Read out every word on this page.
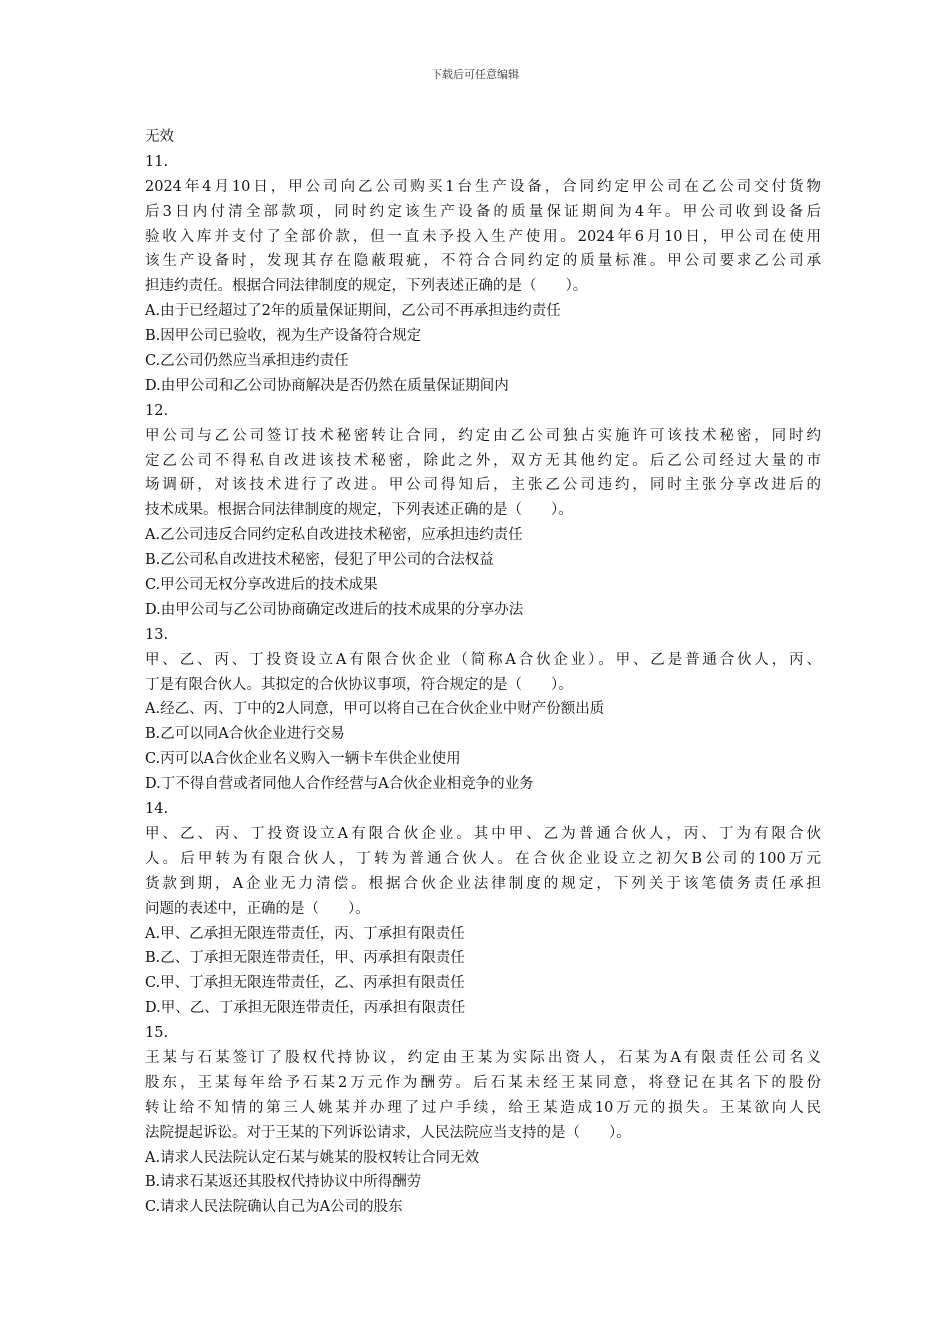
下载后可任意编辑
无效
11.
2024年4月10日，甲公司向乙公司购买1台生产设备，合同约定甲公司在乙公司交付货物
后3日内付清全部款项，同时约定该生产设备的质量保证期间为4年。甲公司收到设备后
验收入库并支付了全部价款，但一直未予投入生产使用。2024年6月10日，甲公司在使用
该生产设备时，发现其存在隐蔽瑕疵，不符合合同约定的质量标准。甲公司要求乙公司承
担违约责任。根据合同法律制度的规定，下列表述正确的是（　　）。
A.由于已经超过了2年的质量保证期间，乙公司不再承担违约责任
B.因甲公司已验收，视为生产设备符合规定
C.乙公司仍然应当承担违约责任
D.由甲公司和乙公司协商解决是否仍然在质量保证期间内
12.
甲公司与乙公司签订技术秘密转让合同，约定由乙公司独占实施许可该技术秘密，同时约
定乙公司不得私自改进该技术秘密，除此之外，双方无其他约定。后乙公司经过大量的市
场调研，对该技术进行了改进。甲公司得知后，主张乙公司违约，同时主张分享改进后的
技术成果。根据合同法律制度的规定，下列表述正确的是（　　）。
A.乙公司违反合同约定私自改进技术秘密，应承担违约责任
B.乙公司私自改进技术秘密，侵犯了甲公司的合法权益
C.甲公司无权分享改进后的技术成果
D.由甲公司与乙公司协商确定改进后的技术成果的分享办法
13.
甲、乙、丙、丁投资设立A有限合伙企业（简称A合伙企业）。甲、乙是普通合伙人，丙、
丁是有限合伙人。其拟定的合伙协议事项，符合规定的是（　　）。
A.经乙、丙、丁中的2人同意，甲可以将自己在合伙企业中财产份额出质
B.乙可以同A合伙企业进行交易
C.丙可以A合伙企业名义购入一辆卡车供企业使用
D.丁不得自营或者同他人合作经营与A合伙企业相竞争的业务
14.
甲、乙、丙、丁投资设立A有限合伙企业。其中甲、乙为普通合伙人，丙、丁为有限合伙
人。后甲转为有限合伙人，丁转为普通合伙人。在合伙企业设立之初欠B公司的100万元
货款到期，A企业无力清偿。根据合伙企业法律制度的规定，下列关于该笔债务责任承担
问题的表述中，正确的是（　　）。
A.甲、乙承担无限连带责任，丙、丁承担有限责任
B.乙、丁承担无限连带责任，甲、丙承担有限责任
C.甲、丁承担无限连带责任，乙、丙承担有限责任
D.甲、乙、丁承担无限连带责任，丙承担有限责任
15.
王某与石某签订了股权代持协议，约定由王某为实际出资人，石某为A有限责任公司名义
股东，王某每年给予石某2万元作为酬劳。后石某未经王某同意，将登记在其名下的股份
转让给不知情的第三人姚某并办理了过户手续，给王某造成10万元的损失。王某欲向人民
法院提起诉讼。对于王某的下列诉讼请求，人民法院应当支持的是（　　）。
A.请求人民法院认定石某与姚某的股权转让合同无效
B.请求石某返还其股权代持协议中所得酬劳
C.请求人民法院确认自己为A公司的股东
